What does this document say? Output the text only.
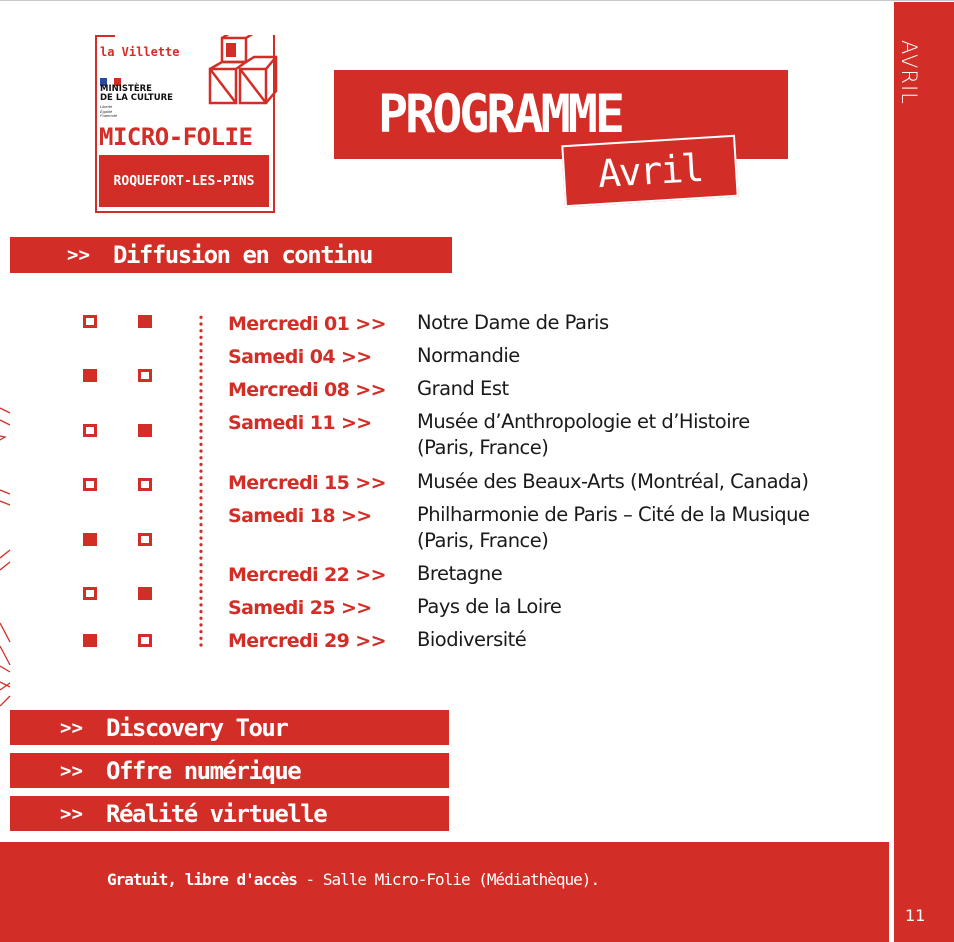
AVRIL
11
la Villette
MINISTÈRE
DE LA CULTURE
Liberté
Égalité
Fraternité
MICRO-FOLIE
ROQUEFORT-LES-PINS
PROGRAMME
Avril
>> Diffusion en continu
Mercredi 01 >> Notre Dame de Paris
Samedi 04 >> Normandie
Mercredi 08 >> Grand Est
Samedi 11 >> Musée d’Anthropologie et d’Histoire
(Paris, France)
Mercredi 15 >> Musée des Beaux-Arts (Montréal, Canada)
Samedi 18 >> Philharmonie de Paris – Cité de la Musique
(Paris, France)
Mercredi 22 >> Bretagne
Samedi 25 >> Pays de la Loire
Mercredi 29 >> Biodiversité
>> Discovery Tour
>> Offre numérique
>> Réalité virtuelle
Gratuit, libre d'accès - Salle Micro-Folie (Médiathèque).
